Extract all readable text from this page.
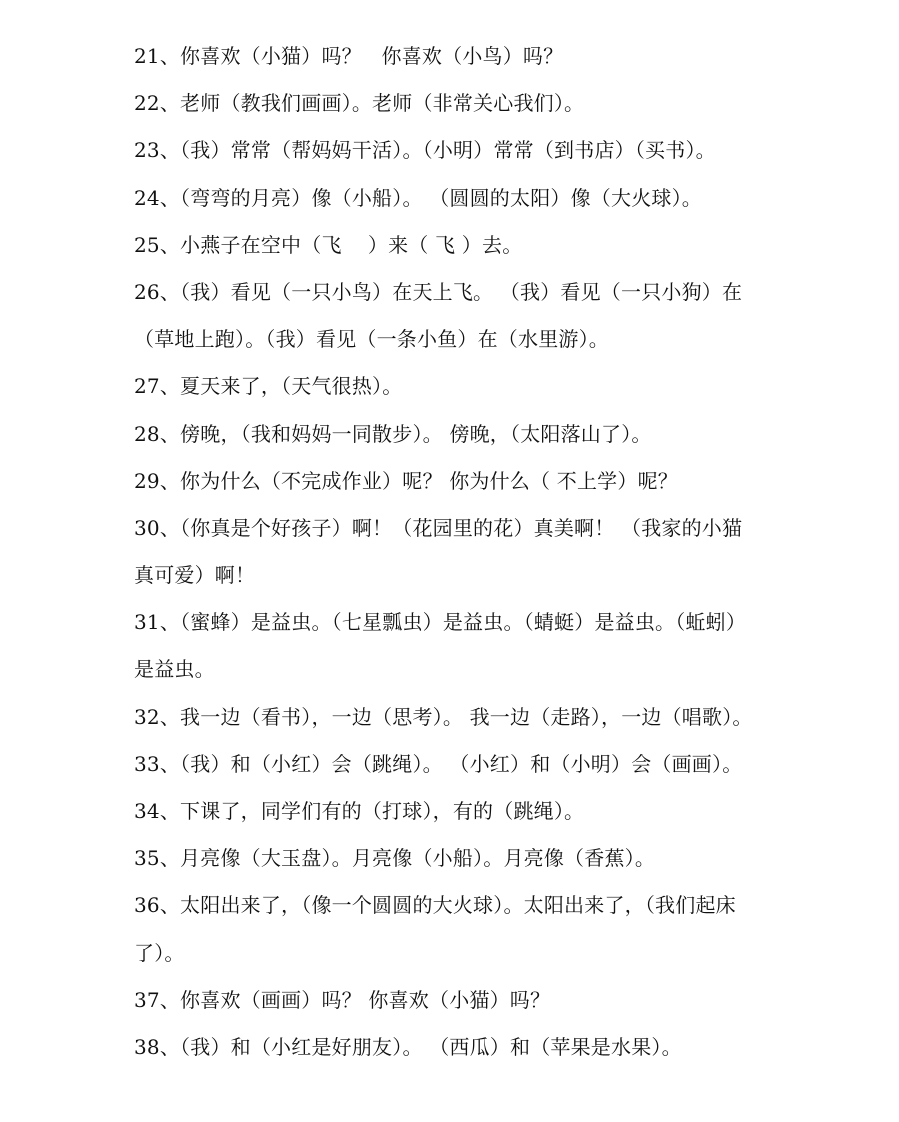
21、你喜欢（小猫）吗？   你喜欢（小鸟）吗？
22、老师（教我们画画）。老师（非常关心我们）。
23、（我）常常（帮妈妈干活）。（小明）常常（到书店）（买书）。
24、（弯弯的月亮）像（小船）。 （圆圆的太阳）像（大火球）。
25、小燕子在空中（飞    ）来（ 飞 ）去。
26、（我）看见（一只小鸟）在天上飞。 （我）看见（一只小狗）在
（草地上跑）。（我）看见（一条小鱼）在（水里游）。
27、夏天来了，（天气很热）。
28、傍晚，（我和妈妈一同散步）。 傍晚，（太阳落山了）。
29、你为什么（不完成作业）呢？ 你为什么（ 不上学）呢？
30、（你真是个好孩子）啊！（花园里的花）真美啊！ （我家的小猫
真可爱）啊！
31、（蜜蜂）是益虫。（七星瓢虫）是益虫。（蜻蜓）是益虫。（蚯蚓）
是益虫。
32、我一边（看书），一边（思考）。 我一边（走路），一边（唱歌）。
33、（我）和（小红）会（跳绳）。 （小红）和（小明）会（画画）。
34、下课了，同学们有的（打球），有的（跳绳）。
35、月亮像（大玉盘）。月亮像（小船）。月亮像（香蕉）。
36、太阳出来了，（像一个圆圆的大火球）。太阳出来了，（我们起床
了）。
37、你喜欢（画画）吗？ 你喜欢（小猫）吗？
38、（我）和（小红是好朋友）。 （西瓜）和（苹果是水果）。
